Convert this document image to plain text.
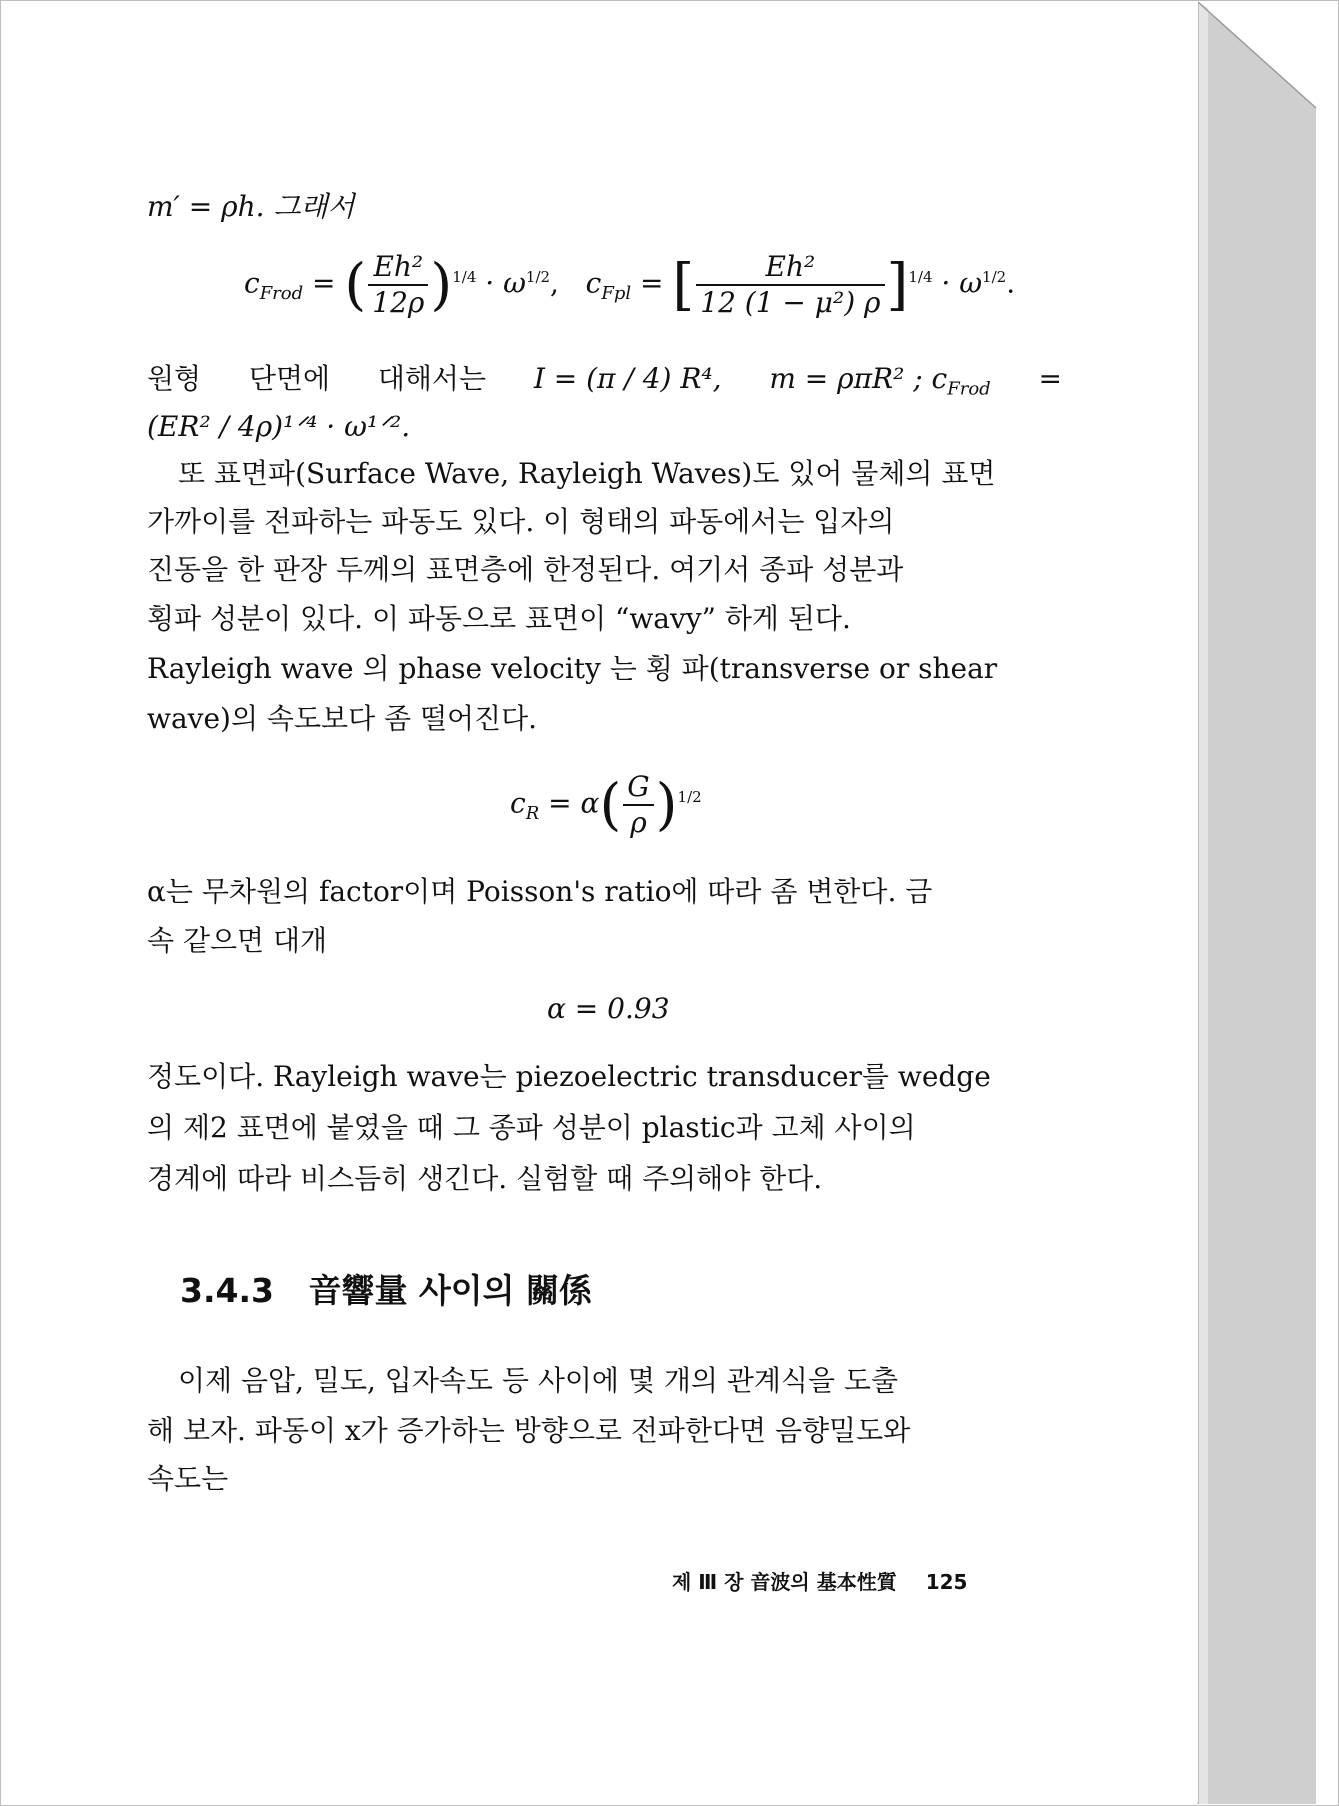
m′ = ρh. 그래서
$c_{Frod}$ = ( $\frac{\text{Eh²}}{12\rho} )^{1/4} \cdot \omega^{1/2}$, $c_{Fpl}$ = [ $\frac{\text{Eh²}}{\text{12 (1 − μ²) ρ}} ]^{1/4} \cdot \omega^{1/2}$.
원형 단면에 대해서는 I = (π / 4) R⁴, m = ρπR² ; $c_{Frod}$ =
(ER² / 4ρ)¹ᐟ⁴ · ω¹ᐟ².
또 표면파(Surface Wave, Rayleigh Waves)도 있어 물체의 표면
가까이를 전파하는 파동도 있다. 이 형태의 파동에서는 입자의
진동을 한 판장 두께의 표면층에 한정된다. 여기서 종파 성분과
횡파 성분이 있다. 이 파동으로 표면이 “wavy” 하게 된다.
Rayleigh wave 의 phase velocity 는 횡 파(transverse or shear
wave)의 속도보다 좀 떨어진다.
$c_R = \alpha( \frac{G}{\rho} )^{1/2}$
α는 무차원의 factor이며 Poisson's ratio에 따라 좀 변한다. 금
속 같으면 대개
α = 0.93
정도이다. Rayleigh wave는 piezoelectric transducer를 wedge
의 제2 표면에 붙였을 때 그 종파 성분이 plastic과 고체 사이의
경계에 따라 비스듬히 생긴다. 실험할 때 주의해야 한다.
3.4.3 音響量 사이의 關係
이제 음압, 밀도, 입자속도 등 사이에 몇 개의 관계식을 도출
해 보자. 파동이 x가 증가하는 방향으로 전파한다면 음향밀도와
속도는
제 Ⅲ 장 音波의 基本性質 125
